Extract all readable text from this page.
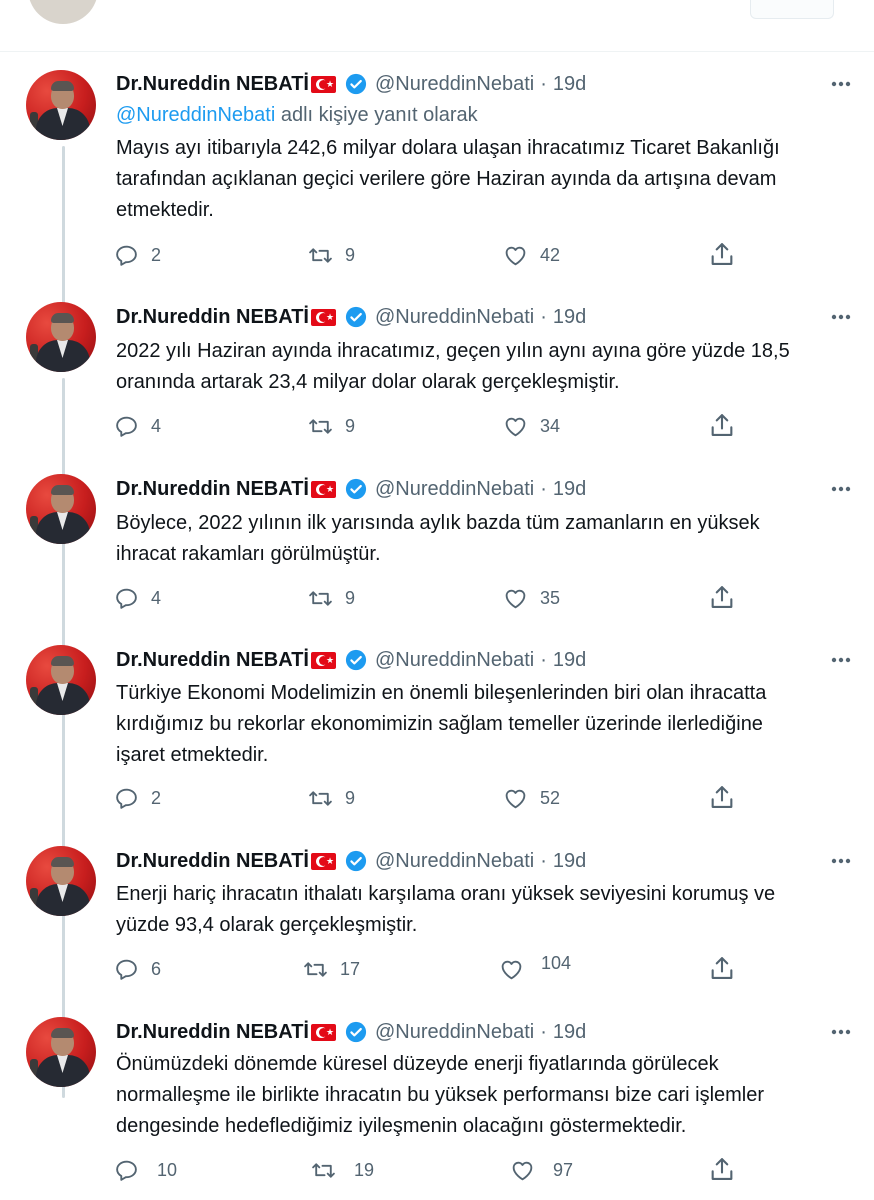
Dr.Nureddin NEBATİ ★ @NureddinNebati · 19d
@NureddinNebati adlı kişiye yanıt olarak
Mayıs ayı itibarıyla 242,6 milyar dolara ulaşan ihracatımız Ticaret Bakanlığı
tarafından açıklanan geçici verilere göre Haziran ayında da artışına devam
etmektedir.
2	9	42
Dr.Nureddin NEBATİ ★ @NureddinNebati · 19d
2022 yılı Haziran ayında ihracatımız, geçen yılın aynı ayına göre yüzde 18,5
oranında artarak 23,4 milyar dolar olarak gerçekleşmiştir.
4	9	34
Dr.Nureddin NEBATİ ★ @NureddinNebati · 19d
Böylece, 2022 yılının ilk yarısında aylık bazda tüm zamanların en yüksek
ihracat rakamları görülmüştür.
4	9	35
Dr.Nureddin NEBATİ ★ @NureddinNebati · 19d
Türkiye Ekonomi Modelimizin en önemli bileşenlerinden biri olan ihracatta
kırdığımız bu rekorlar ekonomimizin sağlam temeller üzerinde ilerlediğine
işaret etmektedir.
2	9	52
Dr.Nureddin NEBATİ ★ @NureddinNebati · 19d
Enerji hariç ihracatın ithalatı karşılama oranı yüksek seviyesini korumuş ve
yüzde 93,4 olarak gerçekleşmiştir.
6	17	104
Dr.Nureddin NEBATİ ★ @NureddinNebati · 19d
Önümüzdeki dönemde küresel düzeyde enerji fiyatlarında görülecek
normalleşme ile birlikte ihracatın bu yüksek performansı bize cari işlemler
dengesinde hedeflediğimiz iyileşmenin olacağını göstermektedir.
10	19	97
